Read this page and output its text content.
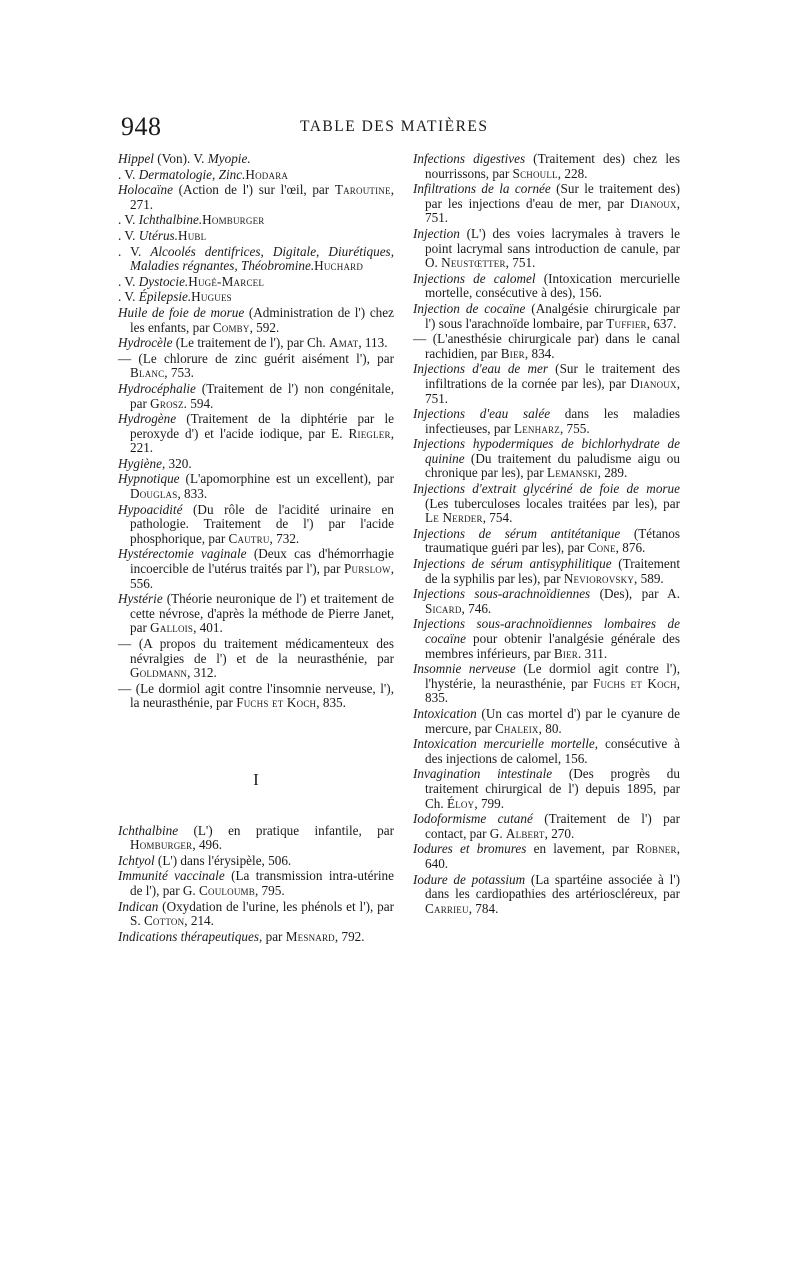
948	TABLE DES MATIÈRES
Hippel (Von). V. Myopie.
. V. Dermatologie, Zinc.Hodara
Holocaïne (Action de l') sur l'œil, par Taroutine, 271.
. V. Ichthalbine.Homburger
. V. Utérus.Hubl
. V. Alcoolés dentifrices, Digitale, Diurétiques, Maladies régnantes, Théobromine.Huchard
. V. Dystocie.Hugé-Marcel
. V. Épilepsie.Hugues
Huile de foie de morue (Administration de l') chez les enfants, par Comby, 592.
Hydrocèle (Le traitement de l'), par Ch. Amat, 113.
— (Le chlorure de zinc guérit aisément l'), par Blanc, 753.
Hydrocéphalie (Traitement de l') non congénitale, par Grosz. 594.
Hydrogène (Traitement de la diphtérie par le peroxyde d') et l'acide iodique, par E. Riegler, 221.
Hygiène, 320.
Hypnotique (L'apomorphine est un excellent), par Douglas, 833.
Hypoacidité (Du rôle de l'acidité urinaire en pathologie. Traitement de l') par l'acide phosphorique, par Cautru, 732.
Hystérectomie vaginale (Deux cas d'hémorrhagie incoercible de l'utérus traités par l'), par Purslow, 556.
Hystérie (Théorie neuronique de l') et traitement de cette névrose, d'après la méthode de Pierre Janet, par Gallois, 401.
— (A propos du traitement médicamenteux des névralgies de l') et de la neurasthénie, par Goldmann, 312.
— (Le dormiol agit contre l'insomnie nerveuse, l'), la neurasthénie, par Fuchs et Koch, 835.
I
Ichthalbine (L') en pratique infantile, par Homburger, 496.
Ichtyol (L') dans l'érysipèle, 506.
Immunité vaccinale (La transmission intra-utérine de l'), par G. Couloumb, 795.
Indican (Oxydation de l'urine, les phénols et l'), par S. Cotton, 214.
Indications thérapeutiques, par Mesnard, 792.
Infections digestives (Traitement des) chez les nourrissons, par Schoull, 228.
Infiltrations de la cornée (Sur le traitement des) par les injections d'eau de mer, par Dianoux, 751.
Injection (L') des voies lacrymales à travers le point lacrymal sans introduction de canule, par O. Neustœtter, 751.
Injections de calomel (Intoxication mercurielle mortelle, consécutive à des), 156.
Injection de cocaïne (Analgésie chirurgicale par l') sous l'arachnoïde lombaire, par Tuffier, 637.
— (L'anesthésie chirurgicale par) dans le canal rachidien, par Bier, 834.
Injections d'eau de mer (Sur le traitement des infiltrations de la cornée par les), par Dianoux, 751.
Injections d'eau salée dans les maladies infectieuses, par Lenharz, 755.
Injections hypodermiques de bichlorhydrate de quinine (Du traitement du paludisme aigu ou chronique par les), par Lemanski, 289.
Injections d'extrait glycériné de foie de morue (Les tuberculoses locales traitées par les), par Le Nerder, 754.
Injections de sérum antitétanique (Tétanos traumatique guéri par les), par Cone, 876.
Injections de sérum antisyphilitique (Traitement de la syphilis par les), par Neviorovsky, 589.
Injections sous-arachnoïdiennes (Des), par A. Sicard, 746.
Injections sous-arachnoïdiennes lombaires de cocaïne pour obtenir l'analgésie générale des membres inférieurs, par Bier. 311.
Insomnie nerveuse (Le dormiol agit contre l'), l'hystérie, la neurasthénie, par Fuchs et Koch, 835.
Intoxication (Un cas mortel d') par le cyanure de mercure, par Chaleix, 80.
Intoxication mercurielle mortelle, consécutive à des injections de calomel, 156.
Invagination intestinale (Des progrès du traitement chirurgical de l') depuis 1895, par Ch. Éloy, 799.
Iodoformisme cutané (Traitement de l') par contact, par G. Albert, 270.
Iodures et bromures en lavement, par Robner, 640.
Iodure de potassium (La spartéine associée à l') dans les cardiopathies des artérioscléreux, par Carrieu, 784.
